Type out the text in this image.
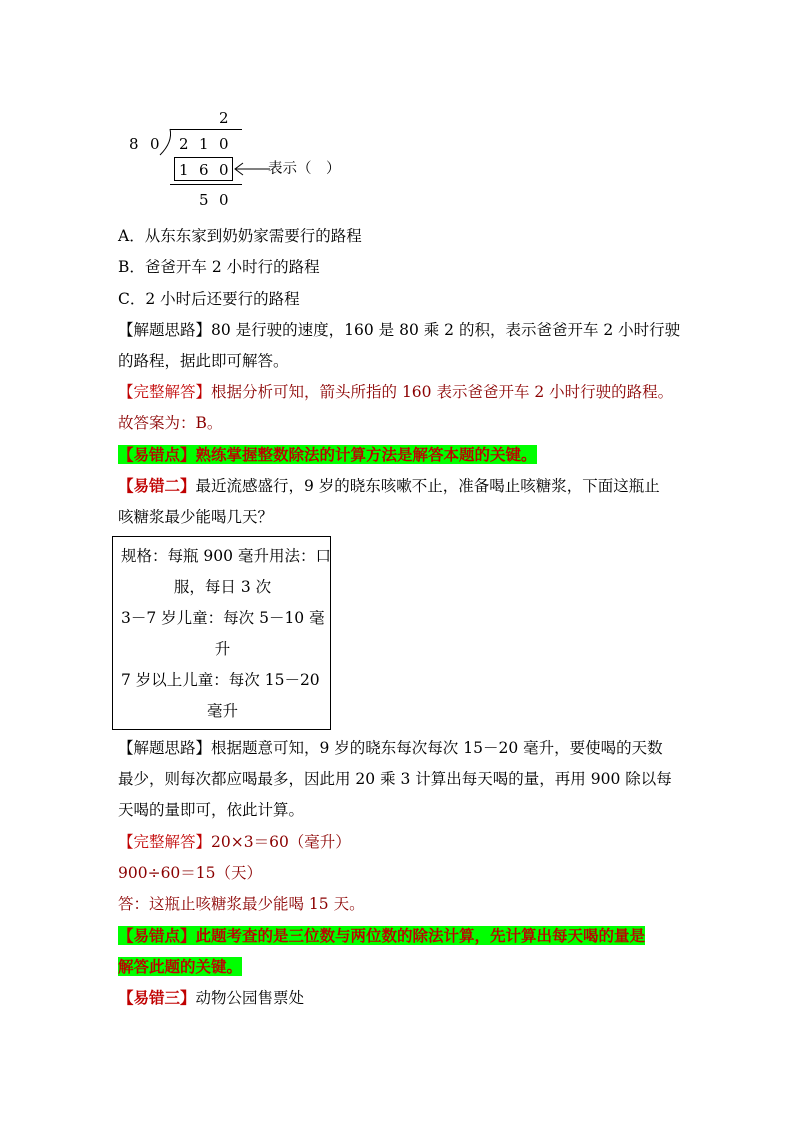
2
8 0 2 1 0
1 6 0	表示（　）
5 0
A．从东东家到奶奶家需要行的路程
B．爸爸开车 2 小时行的路程
C．2 小时后还要行的路程
【解题思路】80 是行驶的速度，160 是 80 乘 2 的积，表示爸爸开车 2 小时行驶
的路程，据此即可解答。
【完整解答】根据分析可知，箭头所指的 160 表示爸爸开车 2 小时行驶的路程。
故答案为：B。
【易错点】熟练掌握整数除法的计算方法是解答本题的关键。
【易错二】最近流感盛行，9 岁的晓东咳嗽不止，准备喝止咳糖浆，下面这瓶止
咳糖浆最少能喝几天？
规格：每瓶 900 毫升用法：口
服，每日 3 次
3－7 岁儿童：每次 5－10 毫
升
7 岁以上儿童：每次 15－20
毫升
【解题思路】根据题意可知，9 岁的晓东每次每次 15－20 毫升，要使喝的天数
最少，则每次都应喝最多，因此用 20 乘 3 计算出每天喝的量，再用 900 除以每
天喝的量即可，依此计算。
【完整解答】20×3＝60（毫升）
900÷60＝15（天）
答：这瓶止咳糖浆最少能喝 15 天。
【易错点】此题考查的是三位数与两位数的除法计算，先计算出每天喝的量是
解答此题的关键。
【易错三】动物公园售票处
